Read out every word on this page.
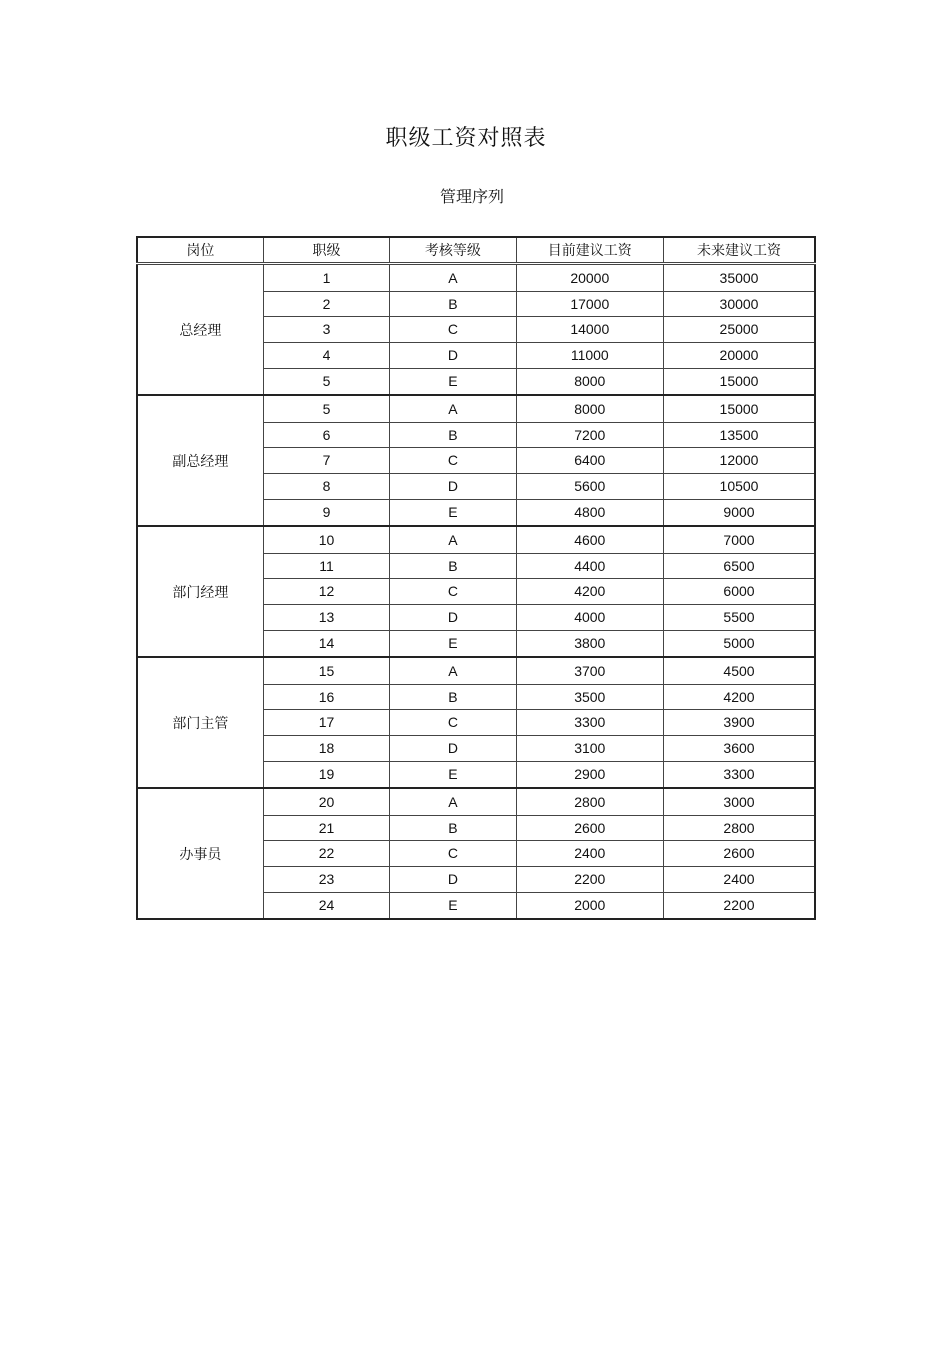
职级工资对照表
管理序列
岗位	职级	考核等级	目前建议工资	未来建议工资
总经理	1	A	20000	35000
	2	B	17000	30000
	3	C	14000	25000
	4	D	11000	20000
	5	E	8000	15000
副总经理	5	A	8000	15000
	6	B	7200	13500
	7	C	6400	12000
	8	D	5600	10500
	9	E	4800	9000
部门经理	10	A	4600	7000
	11	B	4400	6500
	12	C	4200	6000
	13	D	4000	5500
	14	E	3800	5000
部门主管	15	A	3700	4500
	16	B	3500	4200
	17	C	3300	3900
	18	D	3100	3600
	19	E	2900	3300
办事员	20	A	2800	3000
	21	B	2600	2800
	22	C	2400	2600
	23	D	2200	2400
	24	E	2000	2200
